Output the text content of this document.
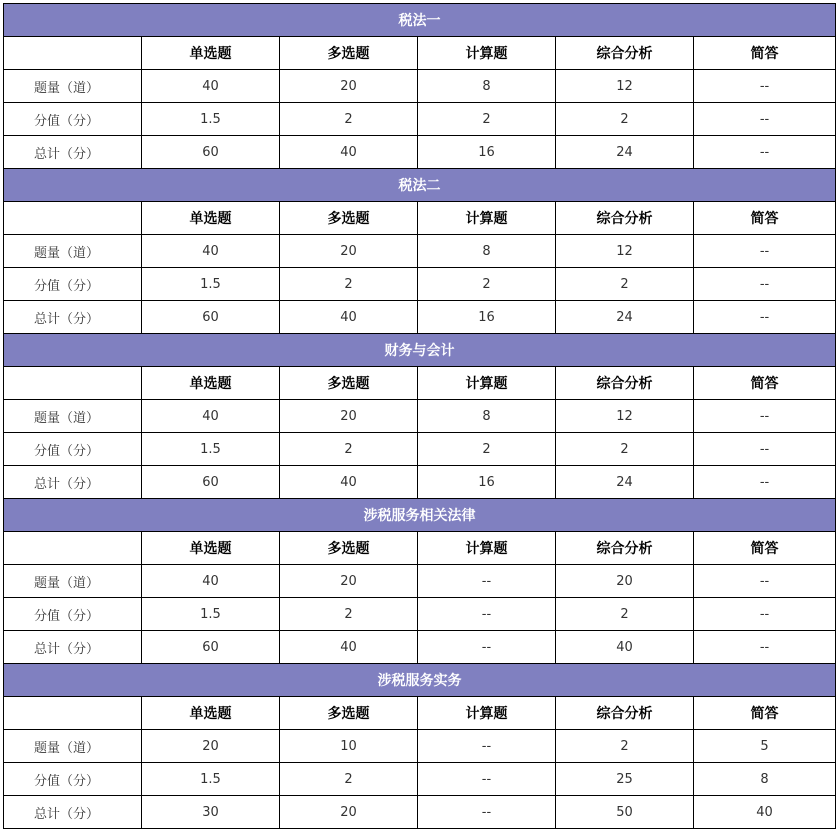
税法一					
	单选题	多选题	计算题	综合分析	简答
题量（道）	40	20	8	12	--
分值（分）	1.5	2	2	2	--
总计（分）	60	40	16	24	--
税法二					
	单选题	多选题	计算题	综合分析	简答
题量（道）	40	20	8	12	--
分值（分）	1.5	2	2	2	--
总计（分）	60	40	16	24	--
财务与会计					
	单选题	多选题	计算题	综合分析	简答
题量（道）	40	20	8	12	--
分值（分）	1.5	2	2	2	--
总计（分）	60	40	16	24	--
涉税服务相关法律					
	单选题	多选题	计算题	综合分析	简答
题量（道）	40	20	--	20	--
分值（分）	1.5	2	--	2	--
总计（分）	60	40	--	40	--
涉税服务实务					
	单选题	多选题	计算题	综合分析	简答
题量（道）	20	10	--	2	5
分值（分）	1.5	2	--	25	8
总计（分）	30	20	--	50	40
